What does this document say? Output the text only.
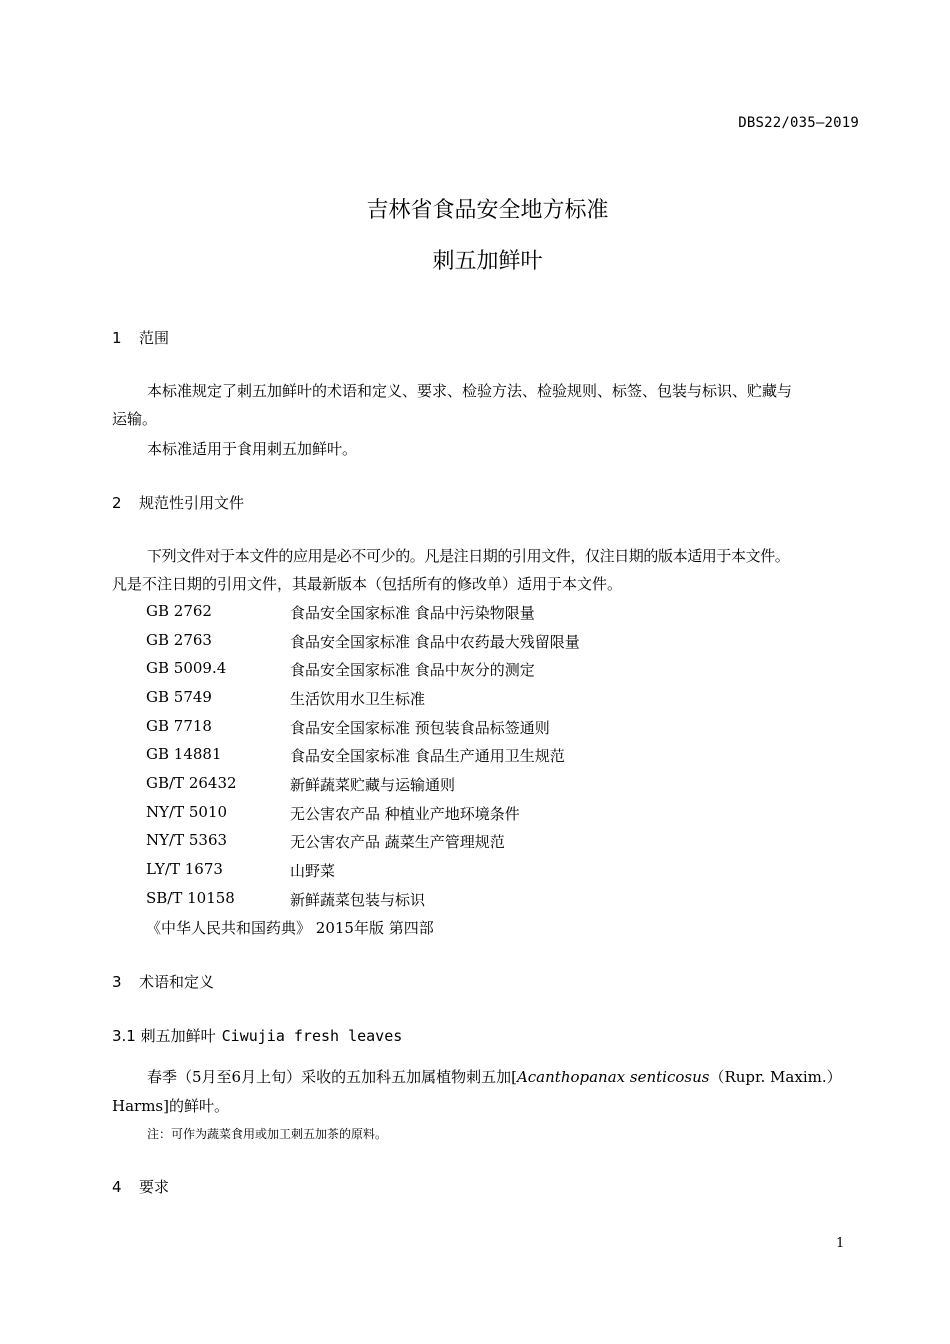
DBS22/035—2019
吉林省食品安全地方标准
刺五加鲜叶
1 范围
本标准规定了刺五加鲜叶的术语和定义、要求、检验方法、检验规则、标签、包装与标识、贮藏与
运输。
本标准适用于食用刺五加鲜叶。
2 规范性引用文件
下列文件对于本文件的应用是必不可少的。凡是注日期的引用文件，仅注日期的版本适用于本文件。
凡是不注日期的引用文件，其最新版本（包括所有的修改单）适用于本文件。
GB 2762	食品安全国家标准 食品中污染物限量
GB 2763	食品安全国家标准 食品中农药最大残留限量
GB 5009.4	食品安全国家标准 食品中灰分的测定
GB 5749	生活饮用水卫生标准
GB 7718	食品安全国家标准 预包装食品标签通则
GB 14881	食品安全国家标准 食品生产通用卫生规范
GB/T 26432	新鲜蔬菜贮藏与运输通则
NY/T 5010	无公害农产品 种植业产地环境条件
NY/T 5363	无公害农产品 蔬菜生产管理规范
LY/T 1673	山野菜
SB/T 10158	新鲜蔬菜包装与标识
《中华人民共和国药典》 2015年版 第四部
3 术语和定义
3.1 刺五加鲜叶 Ciwujia fresh leaves
春季（5月至6月上旬）采收的五加科五加属植物刺五加[Acanthopanax senticosus（Rupr. Maxim.）
Harms]的鲜叶。
注：可作为蔬菜食用或加工刺五加茶的原料。
4 要求
1
